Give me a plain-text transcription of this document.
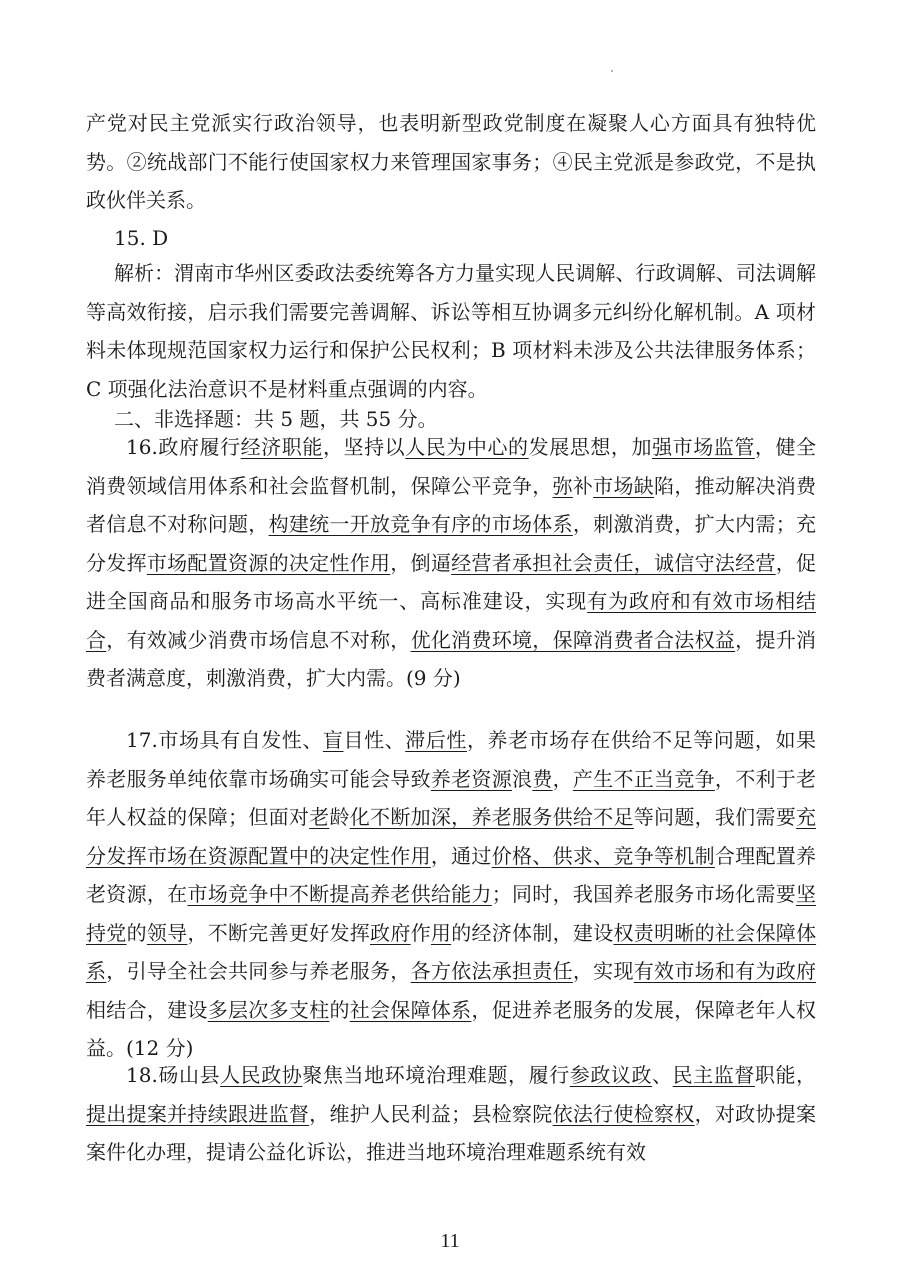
产党对民主党派实行政治领导，也表明新型政党制度在凝聚人心方面具有独特优势。②统战部门不能行使国家权力来管理国家事务；④民主党派是参政党，不是执政伙伴关系。
15. D
解析：渭南市华州区委政法委统筹各方力量实现人民调解、行政调解、司法调解等高效衔接，启示我们需要完善调解、诉讼等相互协调多元纠纷化解机制。A 项材料未体现规范国家权力运行和保护公民权利；B 项材料未涉及公共法律服务体系；C 项强化法治意识不是材料重点强调的内容。
二、非选择题：共 5 题，共 55 分。
16.政府履行经济职能，坚持以人民为中心的发展思想，加强市场监管，健全消费领域信用体系和社会监督机制，保障公平竞争，弥补市场缺陷，推动解决消费者信息不对称问题，构建统一开放竞争有序的市场体系，刺激消费，扩大内需；充分发挥市场配置资源的决定性作用，倒逼经营者承担社会责任，诚信守法经营，促进全国商品和服务市场高水平统一、高标准建设，实现有为政府和有效市场相结合，有效减少消费市场信息不对称，优化消费环境，保障消费者合法权益，提升消费者满意度，刺激消费，扩大内需。(9 分)
17.市场具有自发性、盲目性、滞后性，养老市场存在供给不足等问题，如果养老服务单纯依靠市场确实可能会导致养老资源浪费，产生不正当竞争，不利于老年人权益的保障；但面对老龄化不断加深，养老服务供给不足等问题，我们需要充分发挥市场在资源配置中的决定性作用，通过价格、供求、竞争等机制合理配置养老资源，在市场竞争中不断提高养老供给能力；同时，我国养老服务市场化需要坚持党的领导，不断完善更好发挥政府作用的经济体制，建设权责明晰的社会保障体系，引导全社会共同参与养老服务，各方依法承担责任，实现有效市场和有为政府相结合，建设多层次多支柱的社会保障体系，促进养老服务的发展，保障老年人权益。(12 分)
18.砀山县人民政协聚焦当地环境治理难题，履行参政议政、民主监督职能，提出提案并持续跟进监督，维护人民利益；县检察院依法行使检察权，对政协提案案件化办理，提请公益化诉讼，推进当地环境治理难题系统有效
11
